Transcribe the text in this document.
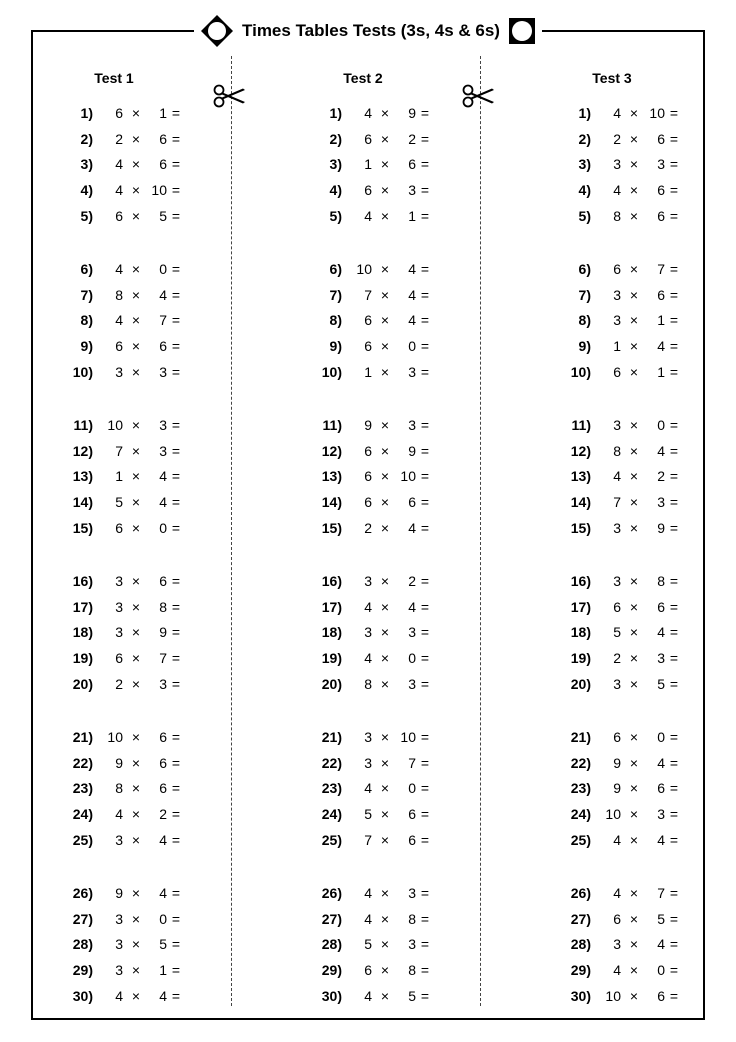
Times Tables Tests (3s, 4s & 6s)
Test 1
1)	6 ×	1 =
2)	2 ×	6 =
3)	4 ×	6 =
4)	4 × 10 =
5)	6 ×	5 =
6)	4 ×	0 =
7)	8 ×	4 =
8)	4 ×	7 =
9)	6 ×	6 =
10)	3 ×	3 =
11)	10 ×	3 =
12)	7 ×	3 =
13)	1 ×	4 =
14)	5 ×	4 =
15)	6 ×	0 =
16)	3 ×	6 =
17)	3 ×	8 =
18)	3 ×	9 =
19)	6 ×	7 =
20)	2 ×	3 =
21)	10 ×	6 =
22)	9 ×	6 =
23)	8 ×	6 =
24)	4 ×	2 =
25)	3 ×	4 =
26)	9 ×	4 =
27)	3 ×	0 =
28)	3 ×	5 =
29)	3 ×	1 =
30)	4 ×	4 =
Test 2
1)	4 ×	9 =
2)	6 ×	2 =
3)	1 ×	6 =
4)	6 ×	3 =
5)	4 ×	1 =
6)	10 ×	4 =
7)	7 ×	4 =
8)	6 ×	4 =
9)	6 ×	0 =
10)	1 ×	3 =
11)	9 ×	3 =
12)	6 ×	9 =
13)	6 × 10 =
14)	6 ×	6 =
15)	2 ×	4 =
16)	3 ×	2 =
17)	4 ×	4 =
18)	3 ×	3 =
19)	4 ×	0 =
20)	8 ×	3 =
21)	3 × 10 =
22)	3 ×	7 =
23)	4 ×	0 =
24)	5 ×	6 =
25)	7 ×	6 =
26)	4 ×	3 =
27)	4 ×	8 =
28)	5 ×	3 =
29)	6 ×	8 =
30)	4 ×	5 =
Test 3
1)	4 × 10 =
2)	2 ×	6 =
3)	3 ×	3 =
4)	4 ×	6 =
5)	8 ×	6 =
6)	6 ×	7 =
7)	3 ×	6 =
8)	3 ×	1 =
9)	1 ×	4 =
10)	6 ×	1 =
11)	3 ×	0 =
12)	8 ×	4 =
13)	4 ×	2 =
14)	7 ×	3 =
15)	3 ×	9 =
16)	3 ×	8 =
17)	6 ×	6 =
18)	5 ×	4 =
19)	2 ×	3 =
20)	3 ×	5 =
21)	6 ×	0 =
22)	9 ×	4 =
23)	9 ×	6 =
24)	10 ×	3 =
25)	4 ×	4 =
26)	4 ×	7 =
27)	6 ×	5 =
28)	3 ×	4 =
29)	4 ×	0 =
30)	10 ×	6 =
